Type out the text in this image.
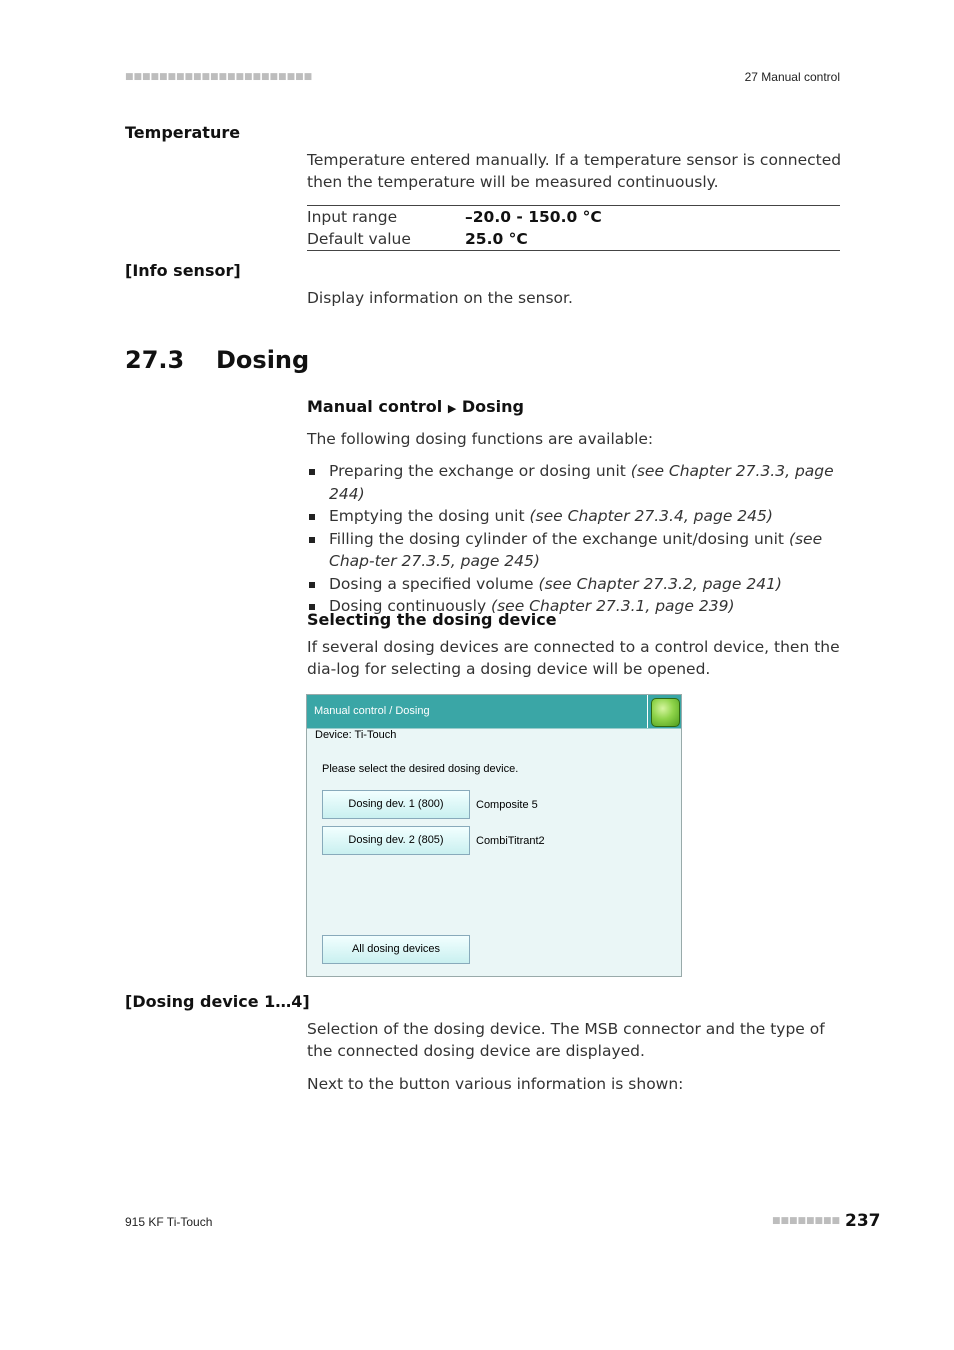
■■■■■■■■■■■■■■■■■■■■■■	27 Manual control
Temperature
Temperature entered manually. If a temperature sensor is connected then the temperature will be measured continuously.
Input range	–20.0 - 150.0 °C
Default value	25.0 °C
[Info sensor]
Display information on the sensor.
27.3 Dosing
Manual control ▶ Dosing
The following dosing functions are available:
Preparing the exchange or dosing unit (see Chapter 27.3.3, page 244)
Emptying the dosing unit (see Chapter 27.3.4, page 245)
Filling the dosing cylinder of the exchange unit/dosing unit (see Chap-ter 27.3.5, page 245)
Dosing a specified volume (see Chapter 27.3.2, page 241)
Dosing continuously (see Chapter 27.3.1, page 239)
Selecting the dosing device
If several dosing devices are connected to a control device, then the dia-log for selecting a dosing device will be opened.
Manual control / Dosing
Device: Ti-Touch
Please select the desired dosing device.
Dosing dev. 1 (800)	Composite 5
Dosing dev. 2 (805)	CombiTitrant2
All dosing devices
[Dosing device 1…4]
Selection of the dosing device. The MSB connector and the type of the connected dosing device are displayed.
Next to the button various information is shown:
915 KF Ti-Touch	■■■■■■■■ 237
